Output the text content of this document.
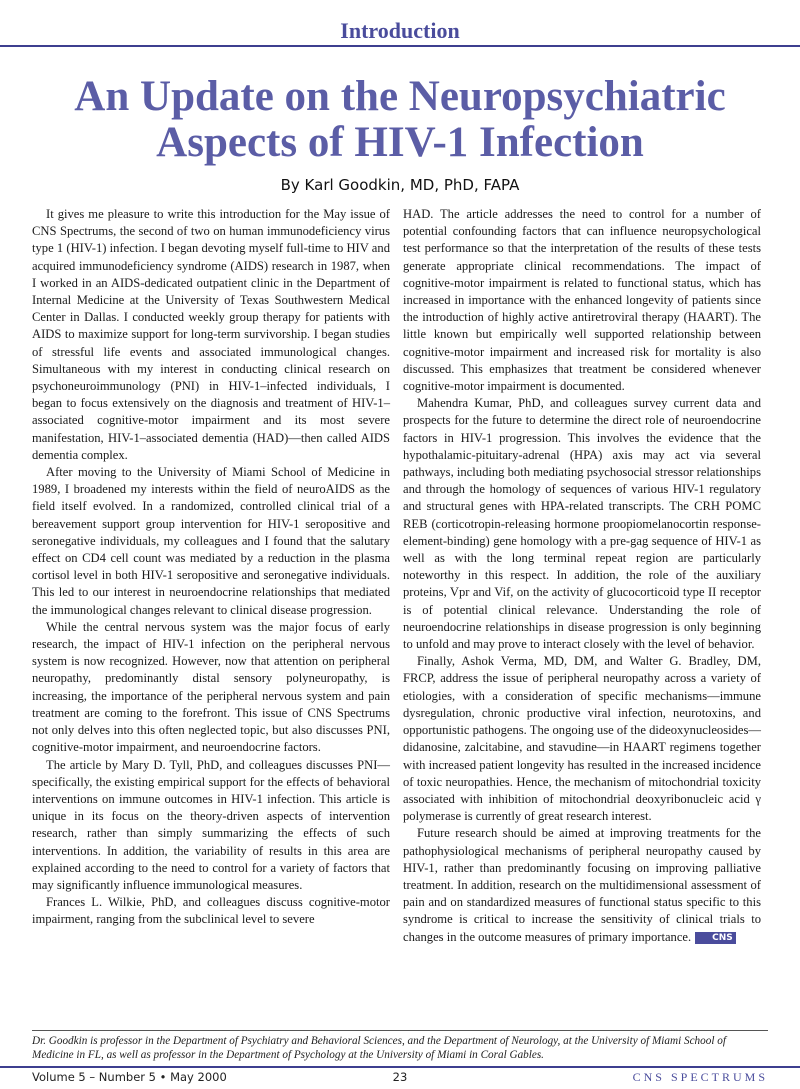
Introduction
An Update on the Neuropsychiatric
Aspects of HIV-1 Infection
By Karl Goodkin, MD, PhD, FAPA

It gives me pleasure to write this introduction for the May issue of CNS Spectrums, the second of two on human immunodeficiency virus type 1 (HIV-1) infection. I began devoting myself full-time to HIV and acquired immunodeficiency syndrome (AIDS) research in 1987, when I worked in an AIDS-dedicated outpatient clinic in the Department of Internal Medicine at the University of Texas Southwestern Medical Center in Dallas. I conducted weekly group therapy for patients with AIDS to maximize support for long-term survivorship. I began studies of stressful life events and associated immunological changes. Simultaneous with my interest in conducting clinical research on psychoneuroimmunology (PNI) in HIV-1–infected individuals, I began to focus extensively on the diagnosis and treatment of HIV-1–associated cognitive-motor impairment and its most severe manifestation, HIV-1–associated dementia (HAD)—then called AIDS dementia complex.

After moving to the University of Miami School of Medicine in 1989, I broadened my interests within the field of neuroAIDS as the field itself evolved. In a randomized, controlled clinical trial of a bereavement support group intervention for HIV-1 seropositive and seronegative individuals, my colleagues and I found that the salutary effect on CD4 cell count was mediated by a reduction in the plasma cortisol level in both HIV-1 seropositive and seronegative individuals. This led to our interest in neuroendocrine relationships that mediated the immunological changes relevant to clinical disease progression.

While the central nervous system was the major focus of early research, the impact of HIV-1 infection on the peripheral nervous system is now recognized. However, now that attention on peripheral neuropathy, predominantly distal sensory polyneuropathy, is increasing, the importance of the peripheral nervous system and pain treatment are coming to the forefront. This issue of CNS Spectrums not only delves into this often neglected topic, but also discusses PNI, cognitive-motor impairment, and neuroendocrine factors.

The article by Mary D. Tyll, PhD, and colleagues discusses PNI—specifically, the existing empirical support for the effects of behavioral interventions on immune outcomes in HIV-1 infection. This article is unique in its focus on the theory-driven aspects of intervention research, rather than simply summarizing the effects of such interventions. In addition, the variability of results in this area are explained according to the need to control for a variety of factors that may significantly influence immunological measures.

Frances L. Wilkie, PhD, and colleagues discuss cognitive-motor impairment, ranging from the subclinical level to severe

HAD. The article addresses the need to control for a number of potential confounding factors that can influence neuropsychological test performance so that the interpretation of the results of these tests generate appropriate clinical recommendations. The impact of cognitive-motor impairment is related to functional status, which has increased in importance with the enhanced longevity of patients since the introduction of highly active antiretroviral therapy (HAART). The little known but empirically well supported relationship between cognitive-motor impairment and increased risk for mortality is also discussed. This emphasizes that treatment be considered whenever cognitive-motor impairment is documented.

Mahendra Kumar, PhD, and colleagues survey current data and prospects for the future to determine the direct role of neuroendocrine factors in HIV-1 progression. This involves the evidence that the hypothalamic-pituitary-adrenal (HPA) axis may act via several pathways, including both mediating psychosocial stressor relationships and through the homology of sequences of various HIV-1 regulatory and structural genes with HPA-related transcripts. The CRH POMC REB (corticotropin-releasing hormone proopiomelanocortin response-element-binding) gene homology with a pre-gag sequence of HIV-1 as well as with the long terminal repeat region are particularly noteworthy in this respect. In addition, the role of the auxiliary proteins, Vpr and Vif, on the activity of glucocorticoid type II receptor is of potential clinical relevance. Understanding the role of neuroendocrine relationships in disease progression is only beginning to unfold and may prove to interact closely with the level of behavior.

Finally, Ashok Verma, MD, DM, and Walter G. Bradley, DM, FRCP, address the issue of peripheral neuropathy across a variety of etiologies, with a consideration of specific mechanisms—immune dysregulation, chronic productive viral infection, neurotoxins, and opportunistic pathogens. The ongoing use of the dideoxynucleosides—didanosine, zalcitabine, and stavudine—in HAART regimens together with increased patient longevity has resulted in the increased incidence of toxic neuropathies. Hence, the mechanism of mitochondrial toxicity associated with inhibition of mitochondrial deoxyribonucleic acid γ polymerase is currently of great research interest.

Future research should be aimed at improving treatments for the pathophysiological mechanisms of peripheral neuropathy caused by HIV-1, rather than predominantly focusing on improving palliative treatment. In addition, research on the multidimensional assessment of pain and on standardized measures of functional status specific to this syndrome is critical to increase the sensitivity of clinical trials to changes in the outcome measures of primary importance. CNS

Dr. Goodkin is professor in the Department of Psychiatry and Behavioral Sciences, and the Department of Neurology, at the University of Miami School of Medicine in FL, as well as professor in the Department of Psychology at the University of Miami in Coral Gables.
Volume 5 – Number 5 • May 2000	23	CNS SPECTRUMS
